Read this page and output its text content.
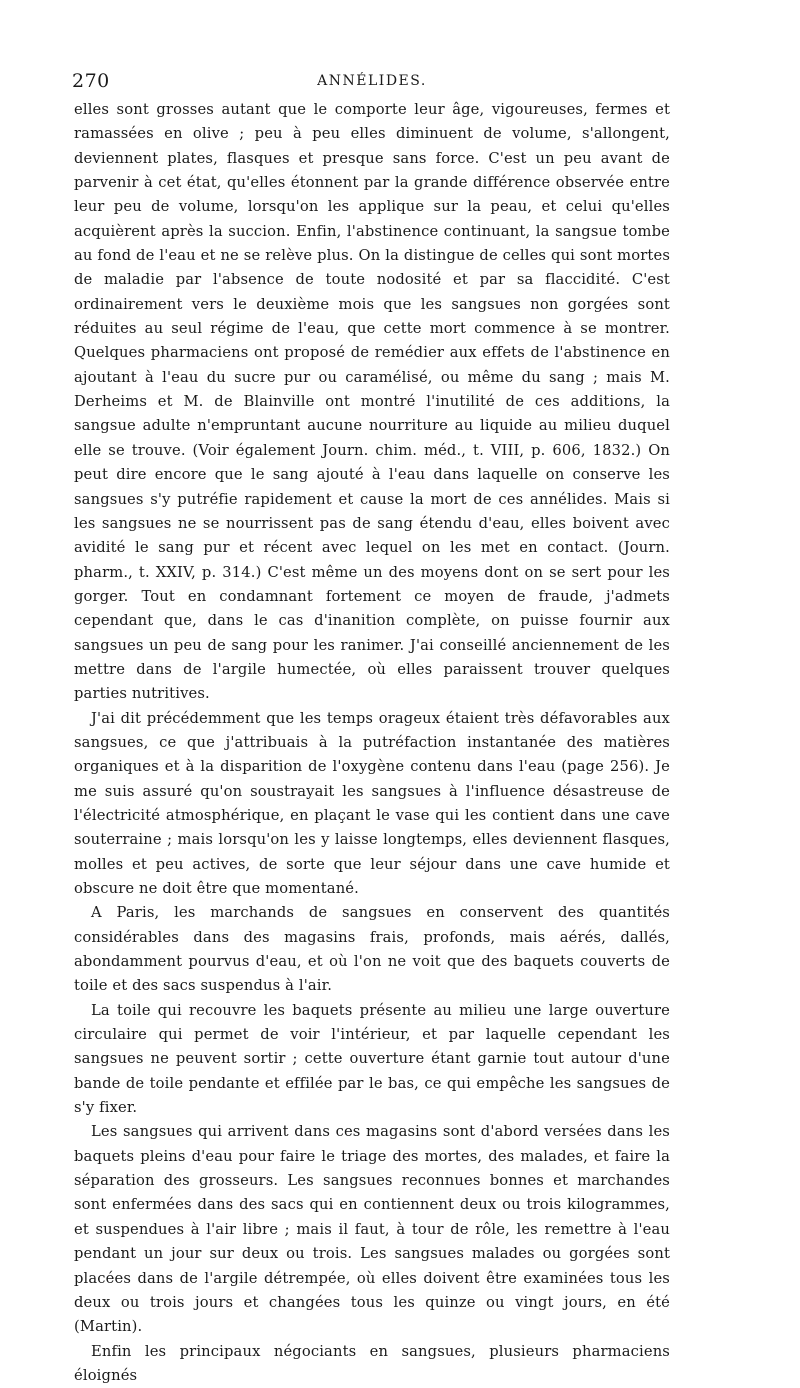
270	ANNÉLIDES.

elles sont grosses autant que le comporte leur âge, vigoureuses, fermes et ramassées en olive ; peu à peu elles diminuent de volume, s'allongent, deviennent plates, flasques et presque sans force. C'est un peu avant de parvenir à cet état, qu'elles étonnent par la grande différence observée entre leur peu de volume, lorsqu'on les applique sur la peau, et celui qu'elles acquièrent après la succion. Enfin, l'abstinence continuant, la sangsue tombe au fond de l'eau et ne se relève plus. On la distingue de celles qui sont mortes de maladie par l'absence de toute nodosité et par sa flaccidité. C'est ordinairement vers le deuxième mois que les sangsues non gorgées sont réduites au seul régime de l'eau, que cette mort commence à se montrer. Quelques pharmaciens ont proposé de remédier aux effets de l'abstinence en ajoutant à l'eau du sucre pur ou caramélisé, ou même du sang ; mais M. Derheims et M. de Blainville ont montré l'inutilité de ces additions, la sangsue adulte n'empruntant aucune nourriture au liquide au milieu duquel elle se trouve. (Voir également Journ. chim. méd., t. VIII, p. 606, 1832.) On peut dire encore que le sang ajouté à l'eau dans laquelle on conserve les sangsues s'y putréfie rapidement et cause la mort de ces annélides. Mais si les sangsues ne se nourrissent pas de sang étendu d'eau, elles boivent avec avidité le sang pur et récent avec lequel on les met en contact. (Journ. pharm., t. XXIV, p. 314.) C'est même un des moyens dont on se sert pour les gorger. Tout en condamnant fortement ce moyen de fraude, j'admets cependant que, dans le cas d'inanition complète, on puisse fournir aux sangsues un peu de sang pour les ranimer. J'ai conseillé anciennement de les mettre dans de l'argile humectée, où elles paraissent trouver quelques parties nutritives.

J'ai dit précédemment que les temps orageux étaient très défavorables aux sangsues, ce que j'attribuais à la putréfaction instantanée des matières organiques et à la disparition de l'oxygène contenu dans l'eau (page 256). Je me suis assuré qu'on soustrayait les sangsues à l'influence désastreuse de l'électricité atmosphérique, en plaçant le vase qui les contient dans une cave souterraine ; mais lorsqu'on les y laisse longtemps, elles deviennent flasques, molles et peu actives, de sorte que leur séjour dans une cave humide et obscure ne doit être que momentané.

A Paris, les marchands de sangsues en conservent des quantités considérables dans des magasins frais, profonds, mais aérés, dallés, abondamment pourvus d'eau, et où l'on ne voit que des baquets couverts de toile et des sacs suspendus à l'air.

La toile qui recouvre les baquets présente au milieu une large ouverture circulaire qui permet de voir l'intérieur, et par laquelle cependant les sangsues ne peuvent sortir ; cette ouverture étant garnie tout autour d'une bande de toile pendante et effilée par le bas, ce qui empêche les sangsues de s'y fixer.

Les sangsues qui arrivent dans ces magasins sont d'abord versées dans les baquets pleins d'eau pour faire le triage des mortes, des malades, et faire la séparation des grosseurs. Les sangsues reconnues bonnes et marchandes sont enfermées dans des sacs qui en contiennent deux ou trois kilogrammes, et suspendues à l'air libre ; mais il faut, à tour de rôle, les remettre à l'eau pendant un jour sur deux ou trois. Les sangsues malades ou gorgées sont placées dans de l'argile détrempée, où elles doivent être examinées tous les deux ou trois jours et changées tous les quinze ou vingt jours, en été (Martin).

Enfin les principaux négociants en sangsues, plusieurs pharmaciens éloignés
